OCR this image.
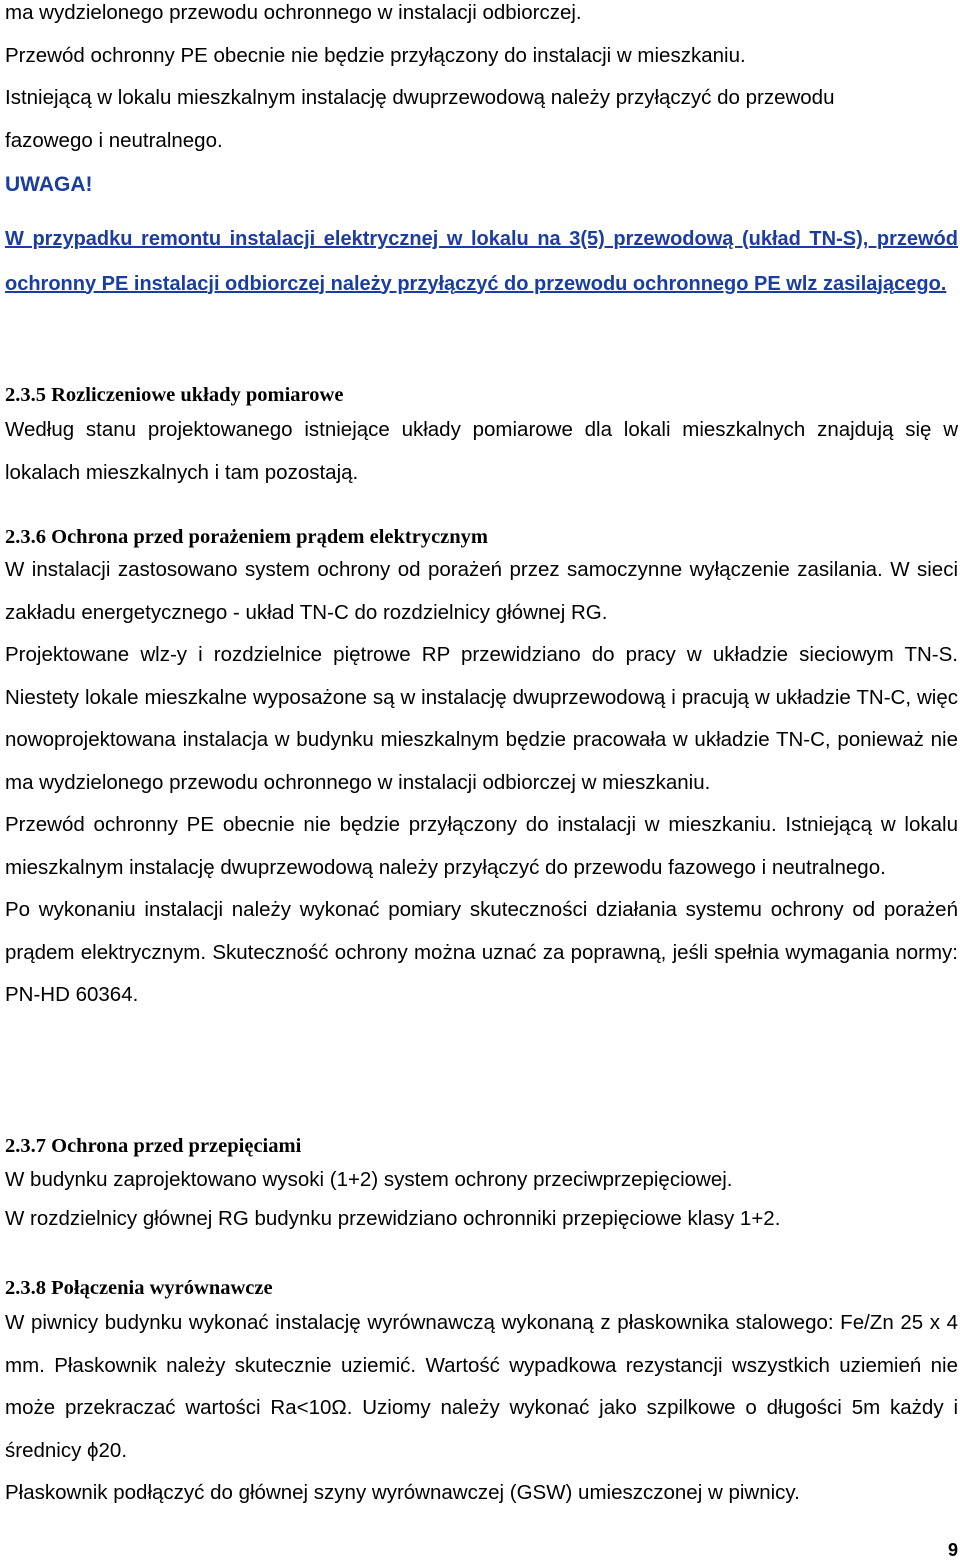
ma wydzielonego przewodu ochronnego w instalacji odbiorczej.

Przewód ochronny PE obecnie nie będzie przyłączony do instalacji w mieszkaniu.

Istniejącą w lokalu mieszkalnym instalację dwuprzewodową należy przyłączyć do przewodu fazowego i neutralnego.

UWAGA!

W przypadku remontu instalacji elektrycznej w lokalu na 3(5) przewodową (układ TN-S), przewód ochronny PE instalacji odbiorczej należy przyłączyć do przewodu ochronnego PE wlz zasilającego.

2.3.5 Rozliczeniowe układy pomiarowe

Według stanu projektowanego istniejące układy pomiarowe dla lokali mieszkalnych znajdują się w lokalach mieszkalnych i tam pozostają.

2.3.6 Ochrona przed porażeniem prądem elektrycznym

W instalacji zastosowano system ochrony od porażeń przez samoczynne wyłączenie zasilania. W sieci zakładu energetycznego - układ TN-C do rozdzielnicy głównej RG.

Projektowane wlz-y i rozdzielnice piętrowe RP przewidziano do pracy w układzie sieciowym TN-S. Niestety lokale mieszkalne wyposażone są w instalację dwuprzewodową i pracują w układzie TN-C, więc nowoprojektowana instalacja w budynku mieszkalnym będzie pracowała w układzie TN-C, ponieważ nie ma wydzielonego przewodu ochronnego w instalacji odbiorczej w mieszkaniu.

Przewód ochronny PE obecnie nie będzie przyłączony do instalacji w mieszkaniu. Istniejącą w lokalu mieszkalnym instalację dwuprzewodową należy przyłączyć do przewodu fazowego i neutralnego.

Po wykonaniu instalacji należy wykonać pomiary skuteczności działania systemu ochrony od porażeń prądem elektrycznym. Skuteczność ochrony można uznać za poprawną, jeśli spełnia wymagania normy: PN-HD 60364.

2.3.7 Ochrona przed przepięciami

W budynku zaprojektowano wysoki (1+2) system ochrony przeciwprzepięciowej.

W rozdzielnicy głównej RG budynku przewidziano ochronniki przepięciowe klasy 1+2.

2.3.8 Połączenia wyrównawcze

W piwnicy budynku wykonać instalację wyrównawczą wykonaną z płaskownika stalowego: Fe/Zn 25 x 4 mm. Płaskownik należy skutecznie uziemić. Wartość wypadkowa rezystancji wszystkich uziemień nie może przekraczać wartości Ra<10Ω. Uziomy należy wykonać jako szpilkowe o długości 5m każdy i średnicy ϕ20.

Płaskownik podłączyć do głównej szyny wyrównawczej (GSW) umieszczonej w piwnicy.

9
